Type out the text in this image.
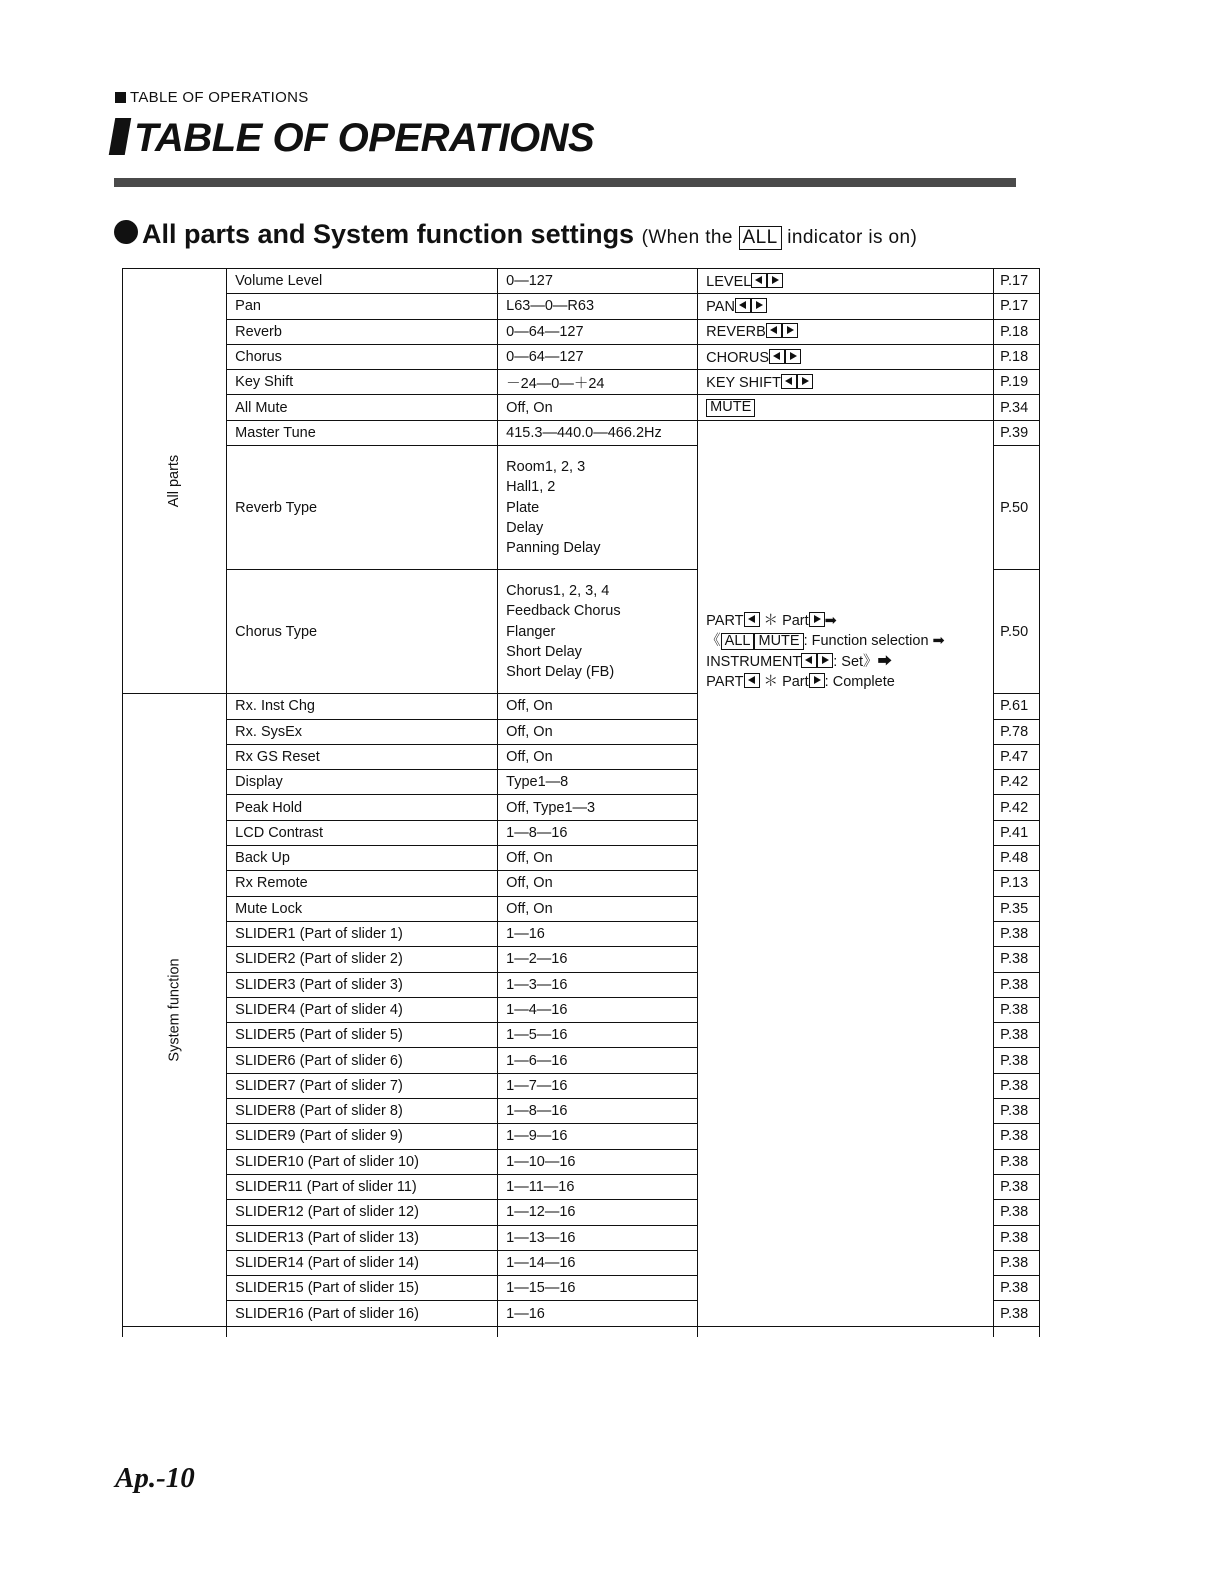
TABLE OF OPERATIONS
TABLE OF OPERATIONS
All parts and System function settings (When the ALL indicator is on)
All parts	Volume Level	0—127	LEVEL	P.17
	Pan	L63—0—R63	PAN	P.17
	Reverb	0—64—127	REVERB	P.18
	Chorus	0—64—127	CHORUS	P.18
	Key Shift	－24—0—＋24	KEY SHIFT	P.19
	All Mute	Off, On	MUTE	P.34
	Master Tune	415.3—440.0—466.2Hz	PART ＊ Part ➡
《 ALL MUTE : Function selection ➡
INSTRUMENT : Set》➡
PART ＊ Part : Complete	P.39
	Reverb Type	Room1, 2, 3
Hall1, 2
Plate
Delay
Panning Delay		P.50
	Chorus Type	Chorus1, 2, 3, 4
Feedback Chorus
Flanger
Short Delay
Short Delay (FB)		P.50
System function	Rx. Inst Chg	Off, On		P.61
	Rx. SysEx	Off, On		P.78
	Rx GS Reset	Off, On		P.47
	Display	Type1—8		P.42
	Peak Hold	Off, Type1—3		P.42
	LCD Contrast	1—8—16		P.41
	Back Up	Off, On		P.48
	Rx Remote	Off, On		P.13
	Mute Lock	Off, On		P.35
	SLIDER1 (Part of slider 1)	1—16		P.38
	SLIDER2 (Part of slider 2)	1—2—16		P.38
	SLIDER3 (Part of slider 3)	1—3—16		P.38
	SLIDER4 (Part of slider 4)	1—4—16		P.38
	SLIDER5 (Part of slider 5)	1—5—16		P.38
	SLIDER6 (Part of slider 6)	1—6—16		P.38
	SLIDER7 (Part of slider 7)	1—7—16		P.38
	SLIDER8 (Part of slider 8)	1—8—16		P.38
	SLIDER9 (Part of slider 9)	1—9—16		P.38
	SLIDER10 (Part of slider 10)	1—10—16		P.38
	SLIDER11 (Part of slider 11)	1—11—16		P.38
	SLIDER12 (Part of slider 12)	1—12—16		P.38
	SLIDER13 (Part of slider 13)	1—13—16		P.38
	SLIDER14 (Part of slider 14)	1—14—16		P.38
	SLIDER15 (Part of slider 15)	1—15—16		P.38
	SLIDER16 (Part of slider 16)	1—16		P.38

Ap.-10
